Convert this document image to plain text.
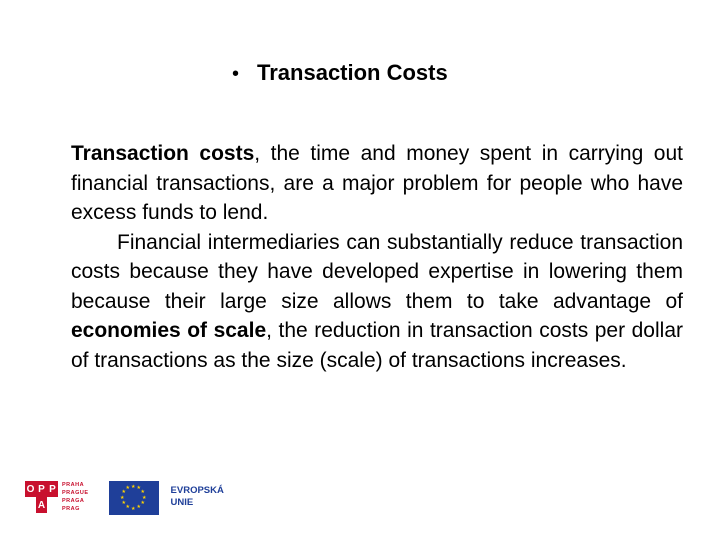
• Transaction Costs

Transaction costs, the time and money spent in carrying out financial transactions, are a major problem for people who have excess funds to lend.

Financial intermediaries can substantially reduce transaction costs because they have developed expertise in lowering them because their large size allows them to take advantage of economies of scale, the reduction in transaction costs per dollar of transactions as the size (scale) of transactions increases.

O P P
A
PRAHA
PRAGUE
PRAGA
PRAG
★ ★
★
★
★
★
★
★
★
★
★
★	EVROPSKÁ
UNIE
